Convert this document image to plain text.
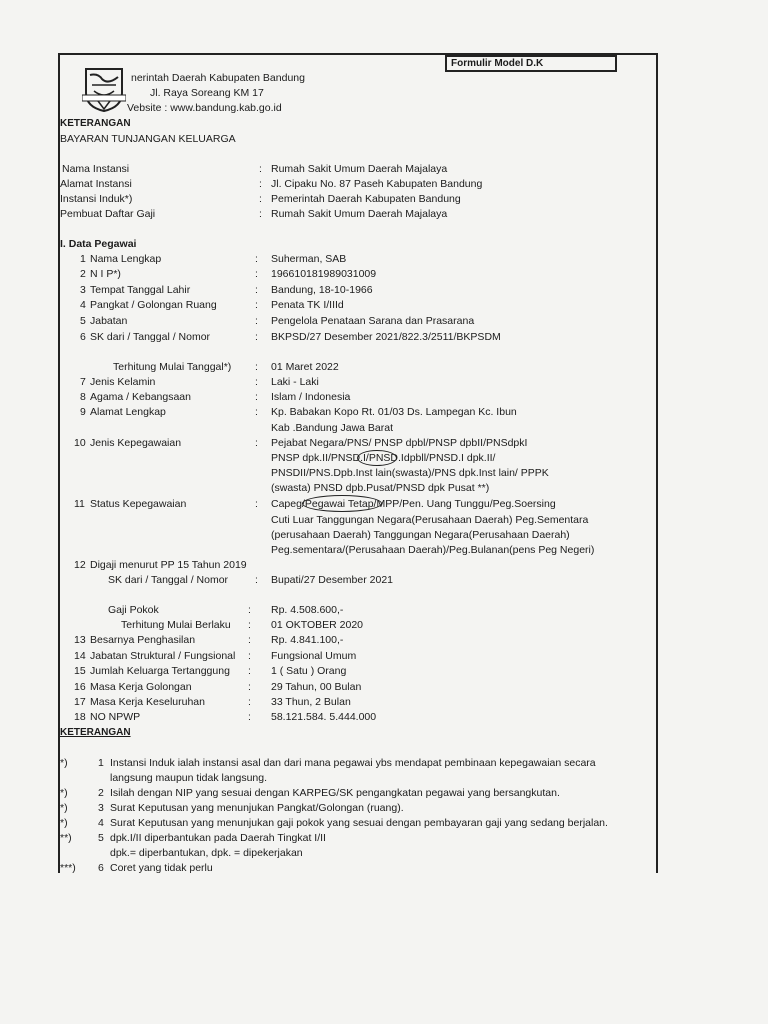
Formulir Model D.K
nerintah Daerah Kabupaten Bandung
Jl. Raya Soreang KM 17
Vebsite : www.bandung.kab.go.id
KETERANGAN
BAYARAN TUNJANGAN KELUARGA
Nama Instansi	: Rumah Sakit Umum Daerah Majalaya
Alamat Instansi	: Jl. Cipaku No. 87 Paseh Kabupaten Bandung
Instansi Induk*)	: Pemerintah Daerah Kabupaten Bandung
Pembuat Daftar Gaji	: Rumah Sakit Umum Daerah Majalaya
I. Data Pegawai
1 Nama Lengkap	: Suherman, SAB
2 N I P*)	: 196610181989031009
3 Tempat Tanggal Lahir	: Bandung, 18-10-1966
4 Pangkat / Golongan Ruang	: Penata TK I/IIId
5 Jabatan	: Pengelola Penataan Sarana dan Prasarana
6 SK dari / Tanggal / Nomor	: BKPSD/27 Desember 2021/822.3/2511/BKPSDM
Terhitung Mulai Tanggal*) : 01 Maret 2022
7 Jenis Kelamin	: Laki - Laki
8 Agama / Kebangsaan	: Islam / Indonesia
9 Alamat Lengkap	: Kp. Babakan Kopo Rt. 01/03 Ds. Lampegan Kc. Ibun
Kab .Bandung Jawa Barat
10 Jenis Kepegawaian	: Pejabat Negara/PNS/ PNSP dpbl/PNSP dpbII/PNSdpkI
PNSP dpk.II/PNSD.I/PNSD.Idpbll/PNSD.I dpk.II/
PNSDII/PNS.Dpb.Inst lain(swasta)/PNS dpk.Inst lain/ PPPK
(swasta) PNSD dpb.Pusat/PNSD dpk Pusat **)
11 Status Kepegawaian	: Capeg/Pegawai Tetap/MPP/Pen. Uang Tunggu/Peg.Soersing
Cuti Luar Tanggungan Negara(Perusahaan Daerah) Peg.Sementara
(perusahaan Daerah) Tanggungan Negara(Perusahaan Daerah)
Peg.sementara/(Perusahaan Daerah)/Peg.Bulanan(pens Peg Negeri)
12 Digaji menurut PP 15 Tahun 2019
SK dari / Tanggal / Nomor	: Bupati/27 Desember 2021
Gaji Pokok	: Rp. 4.508.600,-
Terhitung Mulai Berlaku : 01 OKTOBER 2020
13 Besarnya Penghasilan	: Rp. 4.841.100,-
14 Jabatan Struktural / Fungsional : Fungsional Umum
15 Jumlah Keluarga Tertanggung : 1 ( Satu ) Orang
16 Masa Kerja Golongan	: 29 Tahun, 00 Bulan
17 Masa Kerja Keseluruhan	: 33 Thun, 2 Bulan
18 NO NPWP	: 58.121.584. 5.444.000
KETERANGAN
*)	1 Instansi Induk ialah instansi asal dan dari mana pegawai ybs mendapat pembinaan kepegawaian secara
langsung maupun tidak langsung.
*)	2 Isilah dengan NIP yang sesuai dengan KARPEG/SK pengangkatan pegawai yang bersangkutan.
*)	3 Surat Keputusan yang menunjukan Pangkat/Golongan (ruang).
*)	4 Surat Keputusan yang menunjukan gaji pokok yang sesuai dengan pembayaran gaji yang sedang berjalan.
**)	5 dpk.I/II diperbantukan pada Daerah Tingkat I/II
dpk.= diperbantukan, dpk. = dipekerjakan
***) 6 Coret yang tidak perlu
